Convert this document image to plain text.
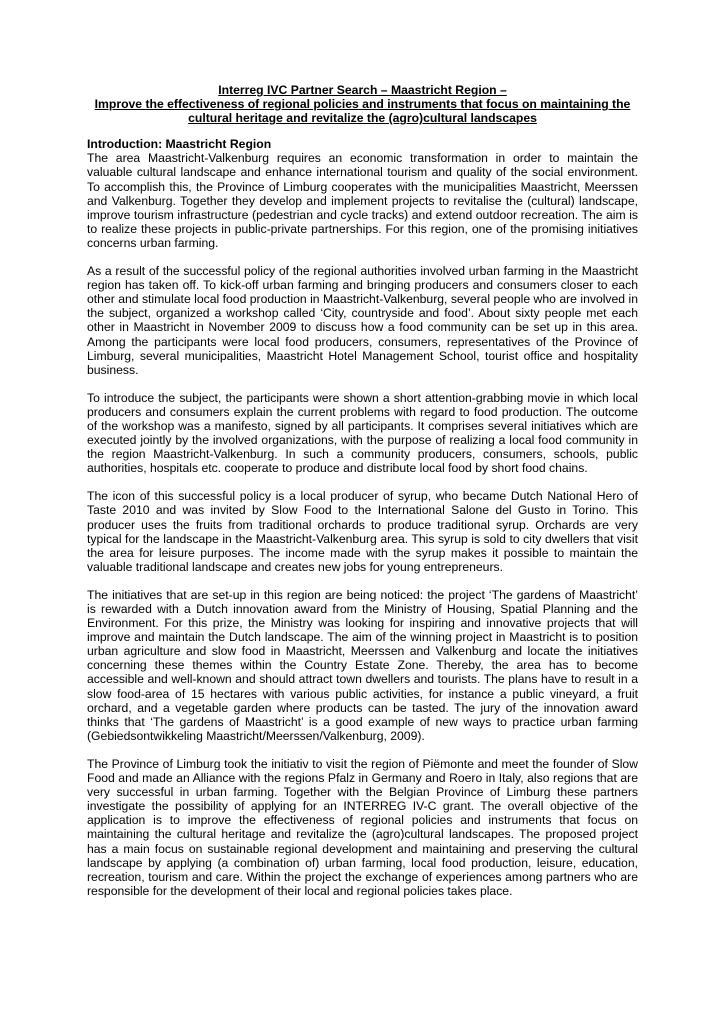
Interreg IVC Partner Search – Maastricht Region –
Improve the effectiveness of regional policies and instruments that focus on maintaining the cultural heritage and revitalize the (agro)cultural landscapes

Introduction: Maastricht Region

The area Maastricht-Valkenburg requires an economic transformation in order to maintain the valuable cultural landscape and enhance international tourism and quality of the social environment. To accomplish this, the Province of Limburg cooperates with the municipalities Maastricht, Meerssen and Valkenburg. Together they develop and implement projects to revitalise the (cultural) landscape, improve tourism infrastructure (pedestrian and cycle tracks) and extend outdoor recreation. The aim is to realize these projects in public-private partnerships. For this region, one of the promising initiatives concerns urban farming.

As a result of the successful policy of the regional authorities involved urban farming in the Maastricht region has taken off. To kick-off urban farming and bringing producers and consumers closer to each other and stimulate local food production in Maastricht-Valkenburg, several people who are involved in the subject, organized a workshop called ‘City, countryside and food’. About sixty people met each other in Maastricht in November 2009 to discuss how a food community can be set up in this area. Among the participants were local food producers, consumers, representatives of the Province of Limburg, several municipalities, Maastricht Hotel Management School, tourist office and hospitality business.

To introduce the subject, the participants were shown a short attention-grabbing movie in which local producers and consumers explain the current problems with regard to food production. The outcome of the workshop was a manifesto, signed by all participants. It comprises several initiatives which are executed jointly by the involved organizations, with the purpose of realizing a local food community in the region Maastricht-Valkenburg. In such a community producers, consumers, schools, public authorities, hospitals etc. cooperate to produce and distribute local food by short food chains.

The icon of this successful policy is a local producer of syrup, who became Dutch National Hero of Taste 2010 and was invited by Slow Food to the International Salone del Gusto in Torino. This producer uses the fruits from traditional orchards to produce traditional syrup. Orchards are very typical for the landscape in the Maastricht-Valkenburg area. This syrup is sold to city dwellers that visit the area for leisure purposes. The income made with the syrup makes it possible to maintain the valuable traditional landscape and creates new jobs for young entrepreneurs.

The initiatives that are set-up in this region are being noticed: the project ‘The gardens of Maastricht’ is rewarded with a Dutch innovation award from the Ministry of Housing, Spatial Planning and the Environment. For this prize, the Ministry was looking for inspiring and innovative projects that will improve and maintain the Dutch landscape. The aim of the winning project in Maastricht is to position urban agriculture and slow food in Maastricht, Meerssen and Valkenburg and locate the initiatives concerning these themes within the Country Estate Zone. Thereby, the area has to become accessible and well-known and should attract town dwellers and tourists. The plans have to result in a slow food-area of 15 hectares with various public activities, for instance a public vineyard, a fruit orchard, and a vegetable garden where products can be tasted. The jury of the innovation award thinks that ‘The gardens of Maastricht’ is a good example of new ways to practice urban farming (Gebiedsontwikkeling Maastricht/Meerssen/Valkenburg, 2009).

The Province of Limburg took the initiativ to visit the region of Piëmonte and meet the founder of Slow Food and made an Alliance with the regions Pfalz in Germany and Roero in Italy, also regions that are very successful in urban farming. Together with the Belgian Province of Limburg these partners investigate the possibility of applying for an INTERREG IV-C grant. The overall objective of the application is to improve the effectiveness of regional policies and instruments that focus on maintaining the cultural heritage and revitalize the (agro)cultural landscapes. The proposed project has a main focus on sustainable regional development and maintaining and preserving the cultural landscape by applying (a combination of) urban farming, local food production, leisure, education, recreation, tourism and care. Within the project the exchange of experiences among partners who are responsible for the development of their local and regional policies takes place.
